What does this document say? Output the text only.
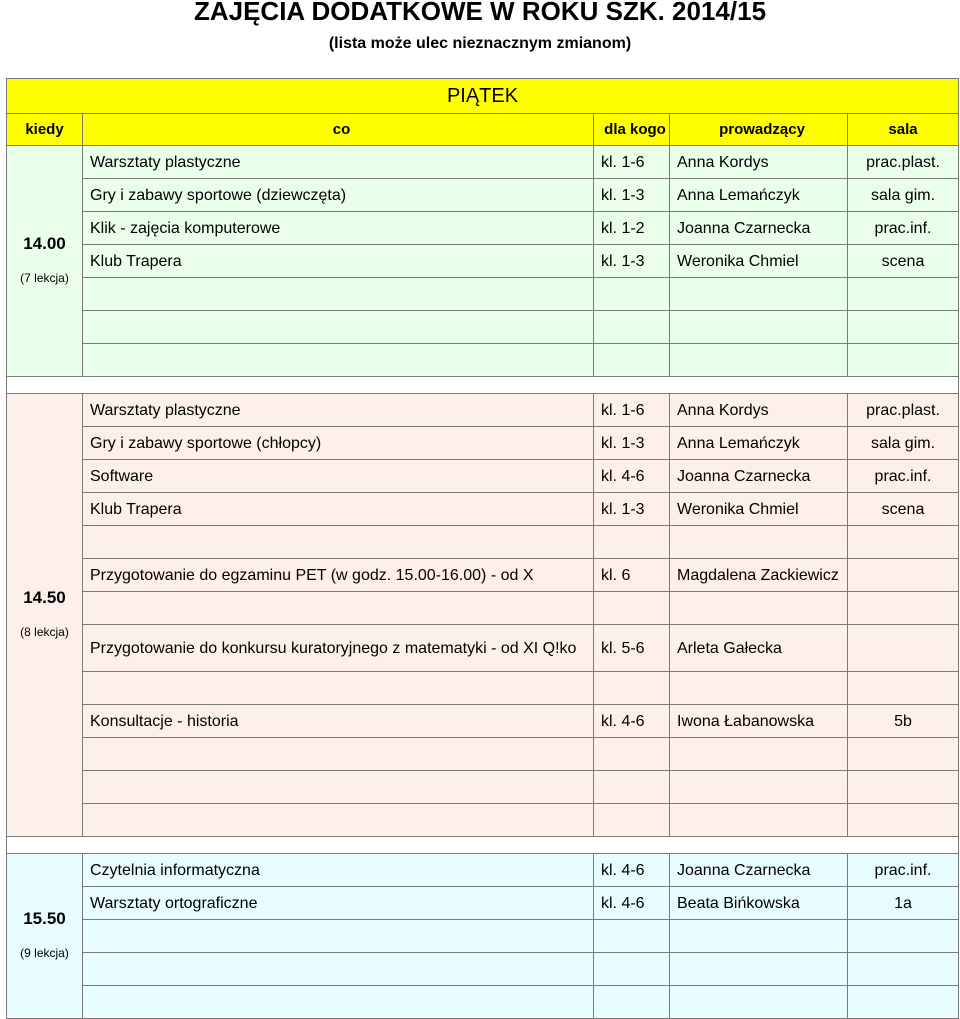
ZAJĘCIA DODATKOWE W ROKU SZK. 2014/15
(lista może ulec nieznacznym zmianom)
PIĄTEK				
kiedy	co	dla kogo	prowadzący	sala

14.00
(7 lekcja)	Warsztaty plastyczne	kl. 1-6	Anna Kordys	prac.plast.
	Gry i zabawy sportowe (dziewczęta)	kl. 1-3	Anna Lemańczyk	sala gim.
	Klik - zajęcia komputerowe	kl. 1-2	Joanna Czarnecka	prac.inf.
	Klub Trapera	kl. 1-3	Weronika Chmiel	scena

14.50
(8 lekcja)	Warsztaty plastyczne	kl. 1-6	Anna Kordys	prac.plast.
	Gry i zabawy sportowe (chłopcy)	kl. 1-3	Anna Lemańczyk	sala gim.
	Software	kl. 4-6	Joanna Czarnecka	prac.inf.
	Klub Trapera	kl. 1-3	Weronika Chmiel	scena

	Przygotowanie do egzaminu PET (w godz. 15.00-16.00) - od X	kl. 6	Magdalena Zackiewicz	

	Przygotowanie do konkursu kuratoryjnego z matematyki - od XI Q!ko	kl. 5-6	Arleta Gałecka	

	Konsultacje - historia	kl. 4-6	Iwona Łabanowska	5b

15.50
(9 lekcja)	Czytelnia informatyczna	kl. 4-6	Joanna Czarnecka	prac.inf.
	Warsztaty ortograficzne	kl. 4-6	Beata Bińkowska	1a
